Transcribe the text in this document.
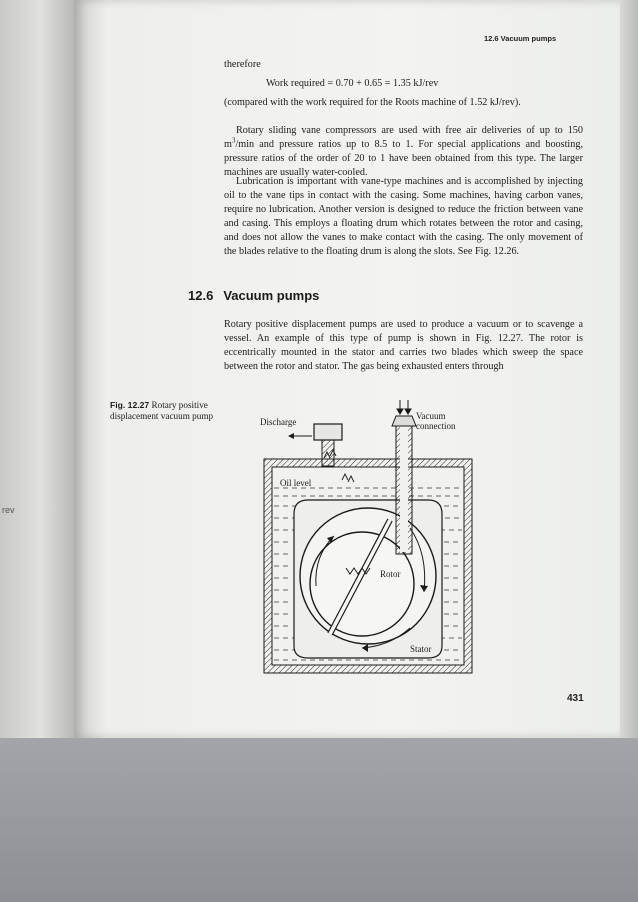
rev
12.6 Vacuum pumps
therefore
Work required = 0.70 + 0.65 = 1.35 kJ/rev
(compared with the work required for the Roots machine of 1.52 kJ/rev).

Rotary sliding vane compressors are used with free air deliveries of up to 150 $m^3/\min$ and pressure ratios up to 8.5 to 1. For special applications and boosting, pressure ratios of the order of 20 to 1 have been obtained from this type. The larger machines are usually water-cooled.

Lubrication is important with vane-type machines and is accomplished by injecting oil to the vane tips in contact with the casing. Some machines, having carbon vanes, require no lubrication. Another version is designed to reduce the friction between vane and casing. This employs a floating drum which rotates between the rotor and casing, and does not allow the vanes to make contact with the casing. The only movement of the blades relative to the floating drum is along the slots. See Fig. 12.26.

12.6 Vacuum pumps

Rotary positive displacement pumps are used to produce a vacuum or to scavenge a vessel. An example of this type of pump is shown in Fig. 12.27. The rotor is eccentrically mounted in the stator and carries two blades which sweep the space between the rotor and stator. The gas being exhausted enters through

Fig. 12.27 Rotary positive displacement vacuum pump
Discharge
Vacuum
connection
Oil level
Rotor
Stator
431
